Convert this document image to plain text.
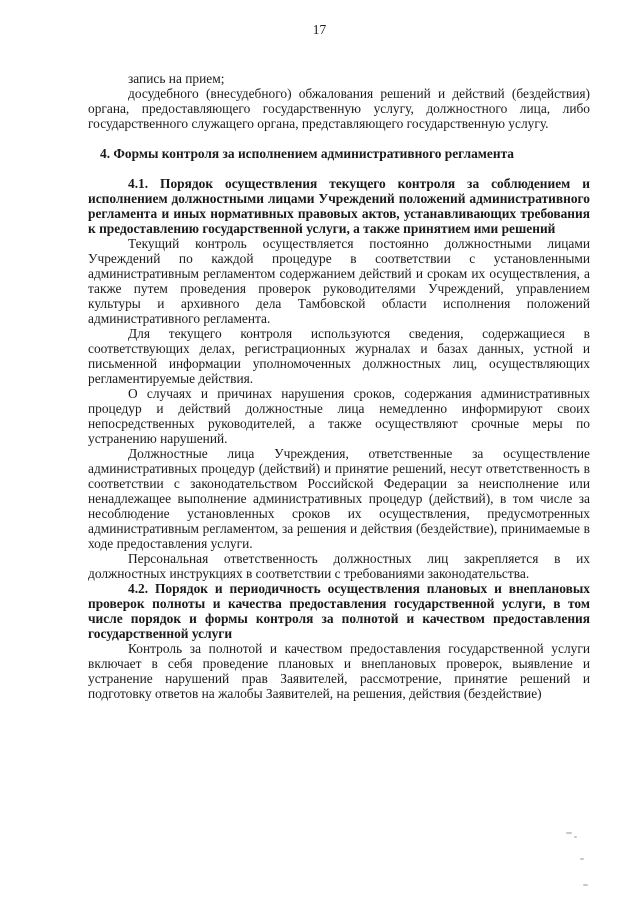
17

запись на прием;

досудебного (внесудебного) обжалования решений и действий (бездействия) органа, предоставляющего государственную услугу, должностного лица, либо государственного служащего органа, представляющего государственную услугу.

4. Формы контроля за исполнением административного регламента

4.1. Порядок осуществления текущего контроля за соблюдением и исполнением должностными лицами Учреждений положений административного регламента и иных нормативных правовых актов, устанавливающих требования к предоставлению государственной услуги, а также принятием ими решений

Текущий контроль осуществляется постоянно должностными лицами Учреждений по каждой процедуре в соответствии с установленными административным регламентом содержанием действий и срокам их осуществления, а также путем проведения проверок руководителями Учреждений, управлением культуры и архивного дела Тамбовской области исполнения положений административного регламента.

Для текущего контроля используются сведения, содержащиеся в соответствующих делах, регистрационных журналах и базах данных, устной и письменной информации уполномоченных должностных лиц, осуществляющих регламентируемые действия.

О случаях и причинах нарушения сроков, содержания административных процедур и действий должностные лица немедленно информируют своих непосредственных руководителей, а также осуществляют срочные меры по устранению нарушений.

Должностные лица Учреждения, ответственные за осуществление административных процедур (действий) и принятие решений, несут ответственность в соответствии с законодательством Российской Федерации за неисполнение или ненадлежащее выполнение административных процедур (действий), в том числе за несоблюдение установленных сроков их осуществления, предусмотренных административным регламентом, за решения и действия (бездействие), принимаемые в ходе предоставления услуги.

Персональная ответственность должностных лиц закрепляется в их должностных инструкциях в соответствии с требованиями законодательства.

4.2. Порядок и периодичность осуществления плановых и внеплановых проверок полноты и качества предоставления государственной услуги, в том числе порядок и формы контроля за полнотой и качеством предоставления государственной услуги

Контроль за полнотой и качеством предоставления государственной услуги включает в себя проведение плановых и внеплановых проверок, выявление и устранение нарушений прав Заявителей, рассмотрение, принятие решений и подготовку ответов на жалобы Заявителей, на решения, действия (бездействие)
